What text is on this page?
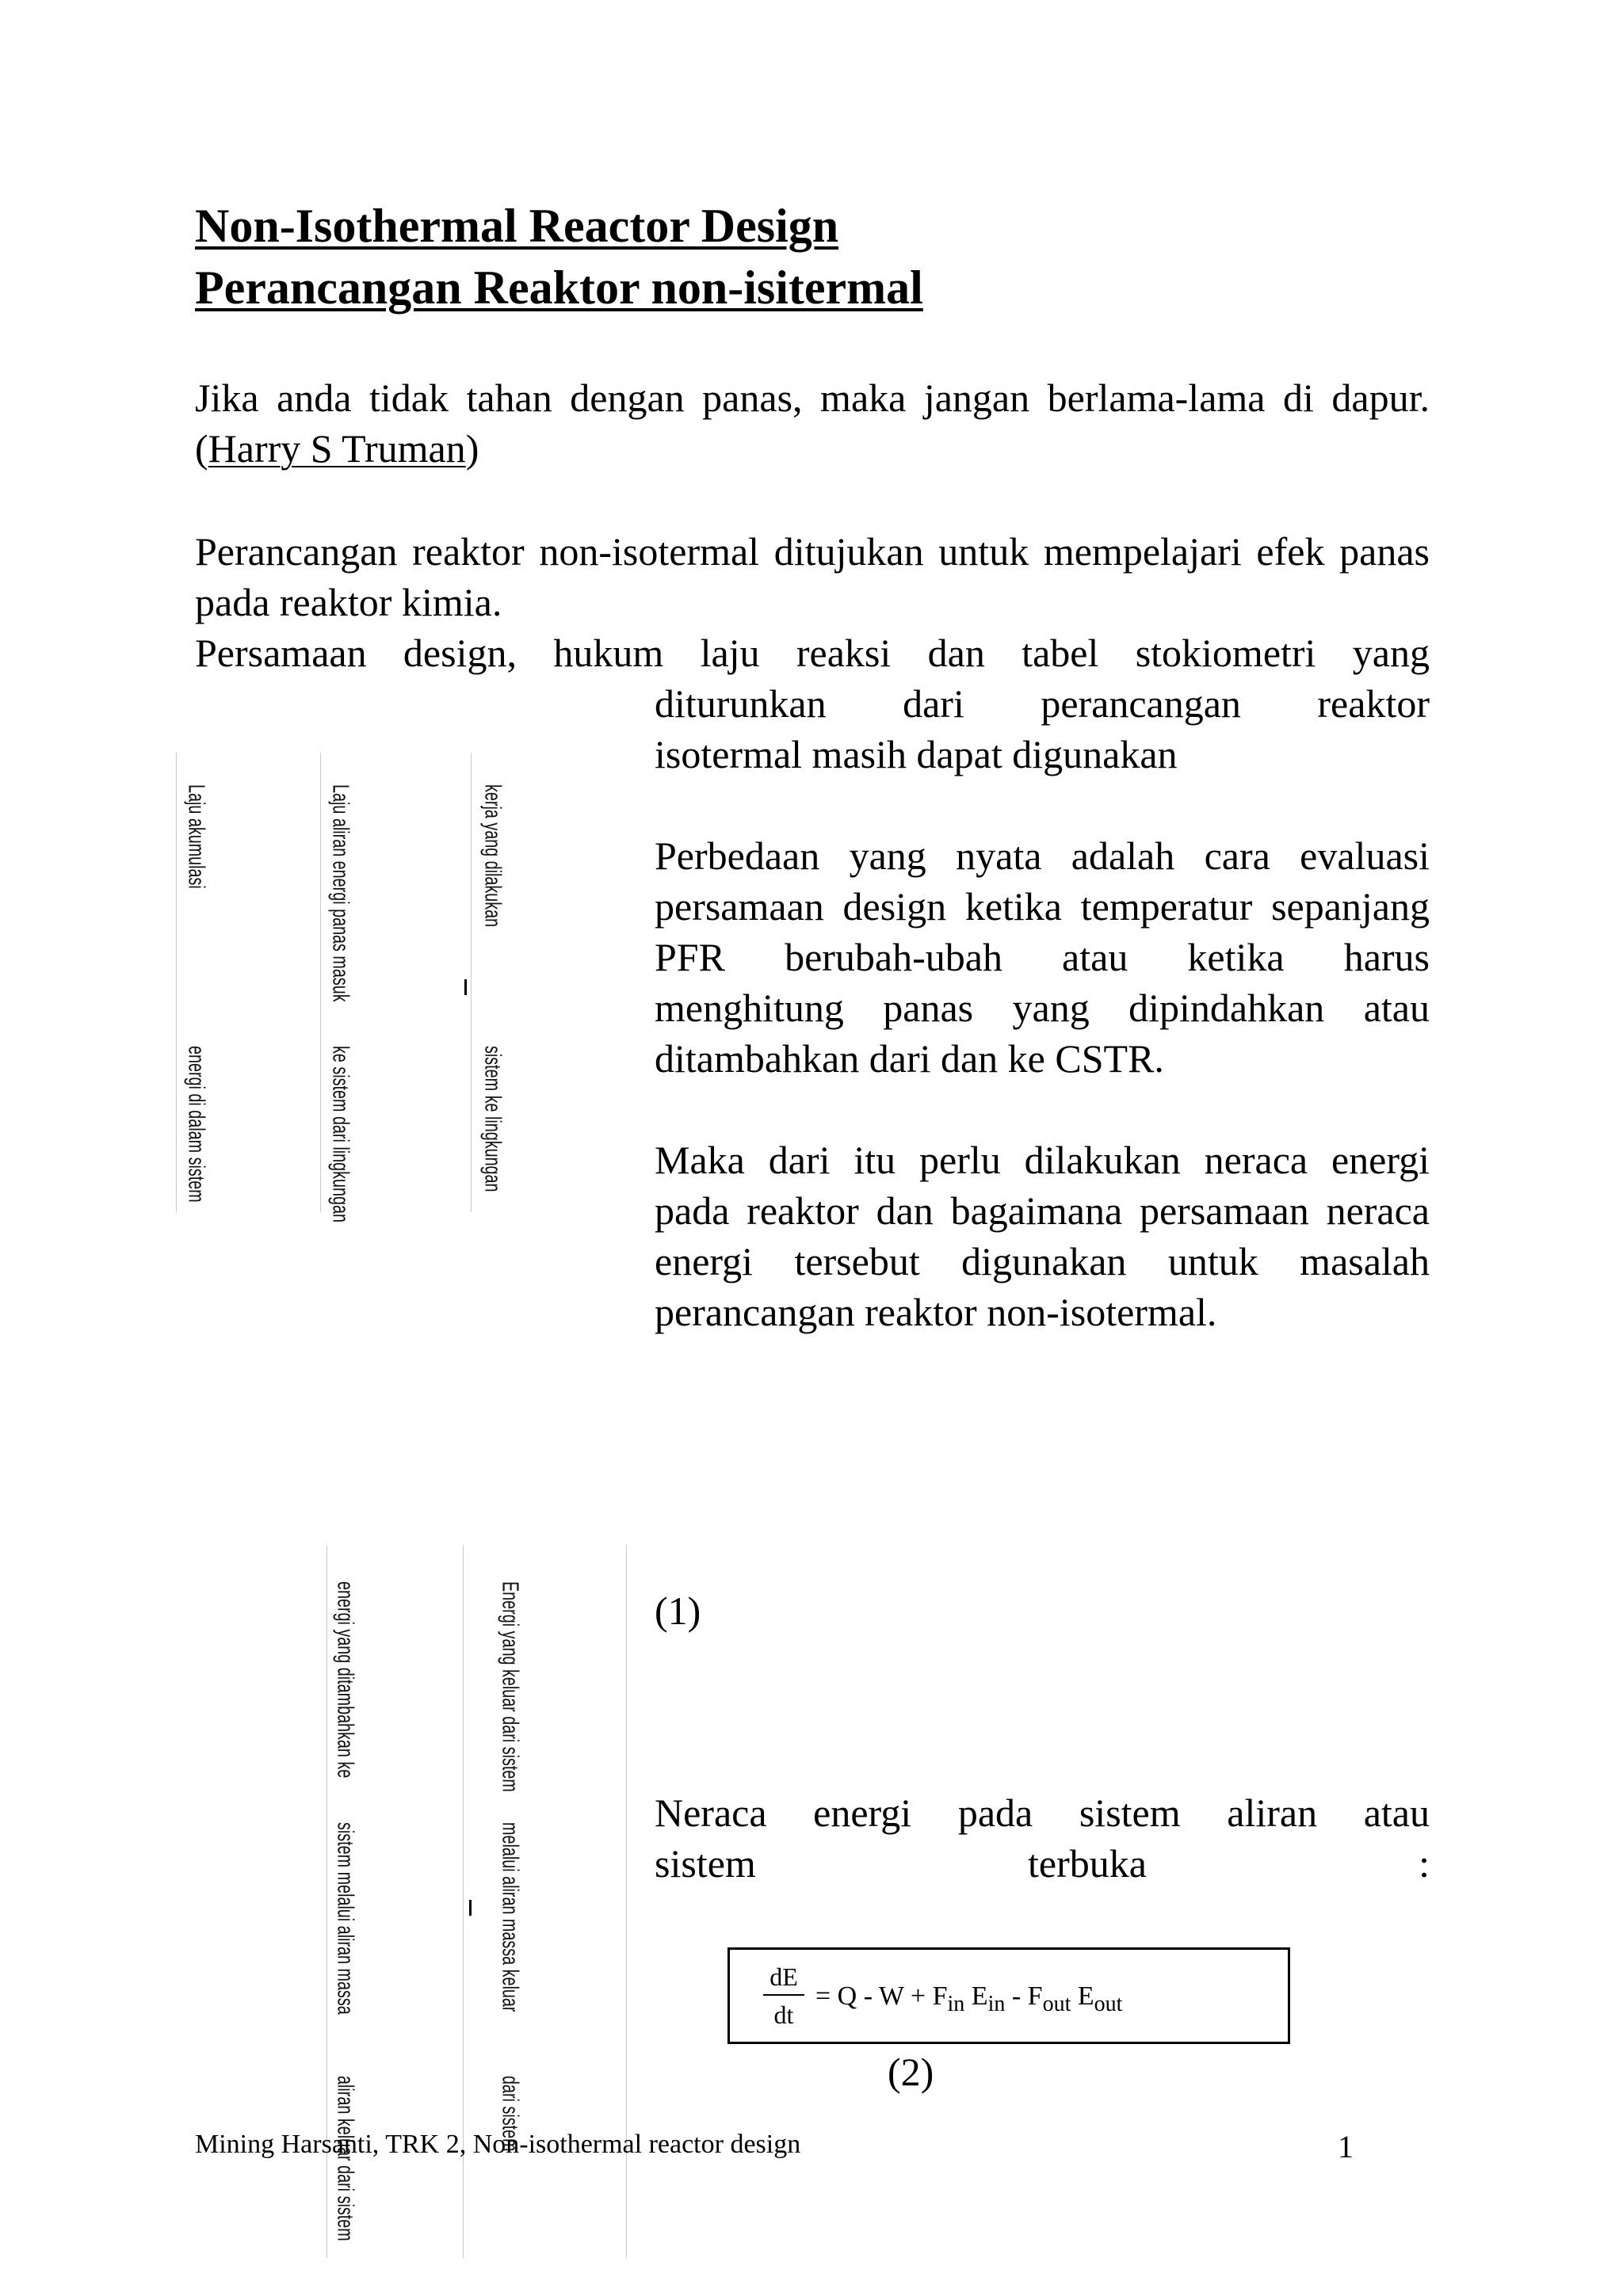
Non-Isothermal Reactor Design
Perancangan Reaktor non-isitermal
Jika anda tidak tahan dengan panas, maka jangan berlama-lama di dapur. (Harry S Truman)
Perancangan reaktor non-isotermal ditujukan untuk mempelajari efek panas pada reaktor kimia.
Persamaan design, hukum laju reaksi dan tabel stokiometri yang
diturunkan dari perancangan reaktor
isotermal masih dapat digunakan
Perbedaan yang nyata adalah cara evaluasi persamaan design ketika temperatur sepanjang PFR berubah-ubah atau ketika harus menghitung panas yang dipindahkan atau ditambahkan dari dan ke CSTR.
Maka dari itu perlu dilakukan neraca energi pada reaktor dan bagaimana persamaan neraca energi tersebut digunakan untuk masalah perancangan reaktor non-isotermal.
(1)
Neraca energi pada sistem aliran atau
sistem terbuka :
$\frac{dE}{dt} = Q - W + F_{in}$ $E_{in} - F_{out}$ $E_{out}$
(2)
Laju akumulasi
energi di dalam sistem
Laju aliran energi panas masuk
ke sistem dari lingkungan
kerja yang dilakukan
sistem ke lingkungan
energi yang ditambahkan ke
sistem melalui aliran massa
aliran keluar dari sistem
Energi yang keluar dari sistem
melalui aliran massa keluar
dari sistem
Mining Harsanti, TRK 2, Non-isothermal reactor design	1
